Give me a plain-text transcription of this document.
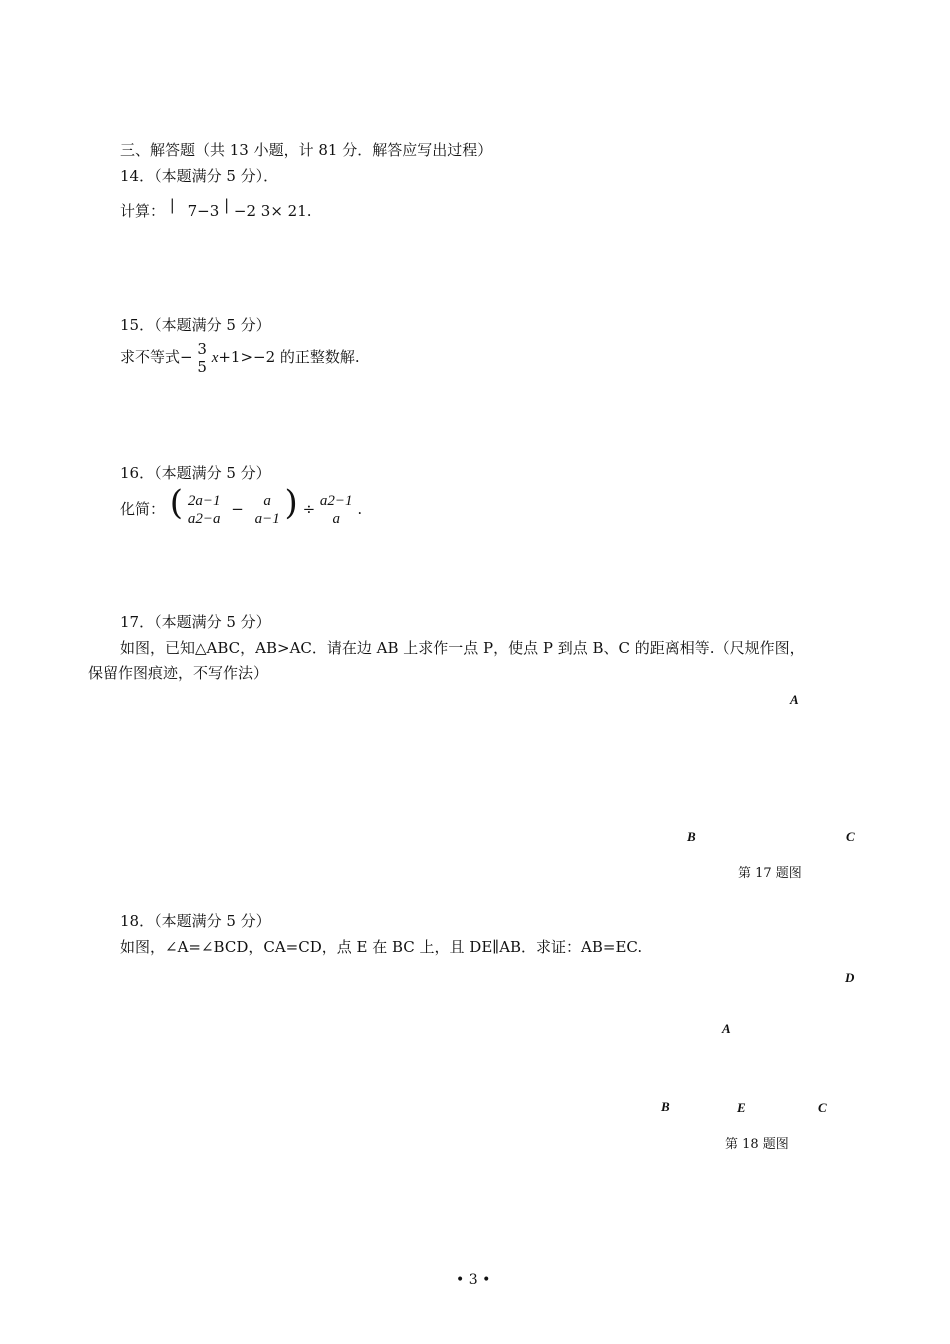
三、解答题（共 13 小题，计 81 分．解答应写出过程）
14．（本题满分 5 分）．
计算： | 7−3 | −2 3× 21.
15．（本题满分 5 分）
求不等式− 3
5 x+1>−2 的正整数解.
16．（本题满分 5 分）
化简： ( 2a−1
a2−a
−	a
a−1 ) ÷ a2−1
a
.
17．（本题满分 5 分）
如图，已知△ABC，AB>AC．请在边 AB 上求作一点 P，使点 P 到点 B、C 的距离相等.（尺规作图，
保留作图痕迹，不写作法）
A
B	C
第 17 题图
18．（本题满分 5 分）
如图，∠A=∠BCD，CA=CD，点 E 在 BC 上，且 DE∥AB．求证：AB=EC.
D
A
B	E	C
第 18 题图
• 3 •
